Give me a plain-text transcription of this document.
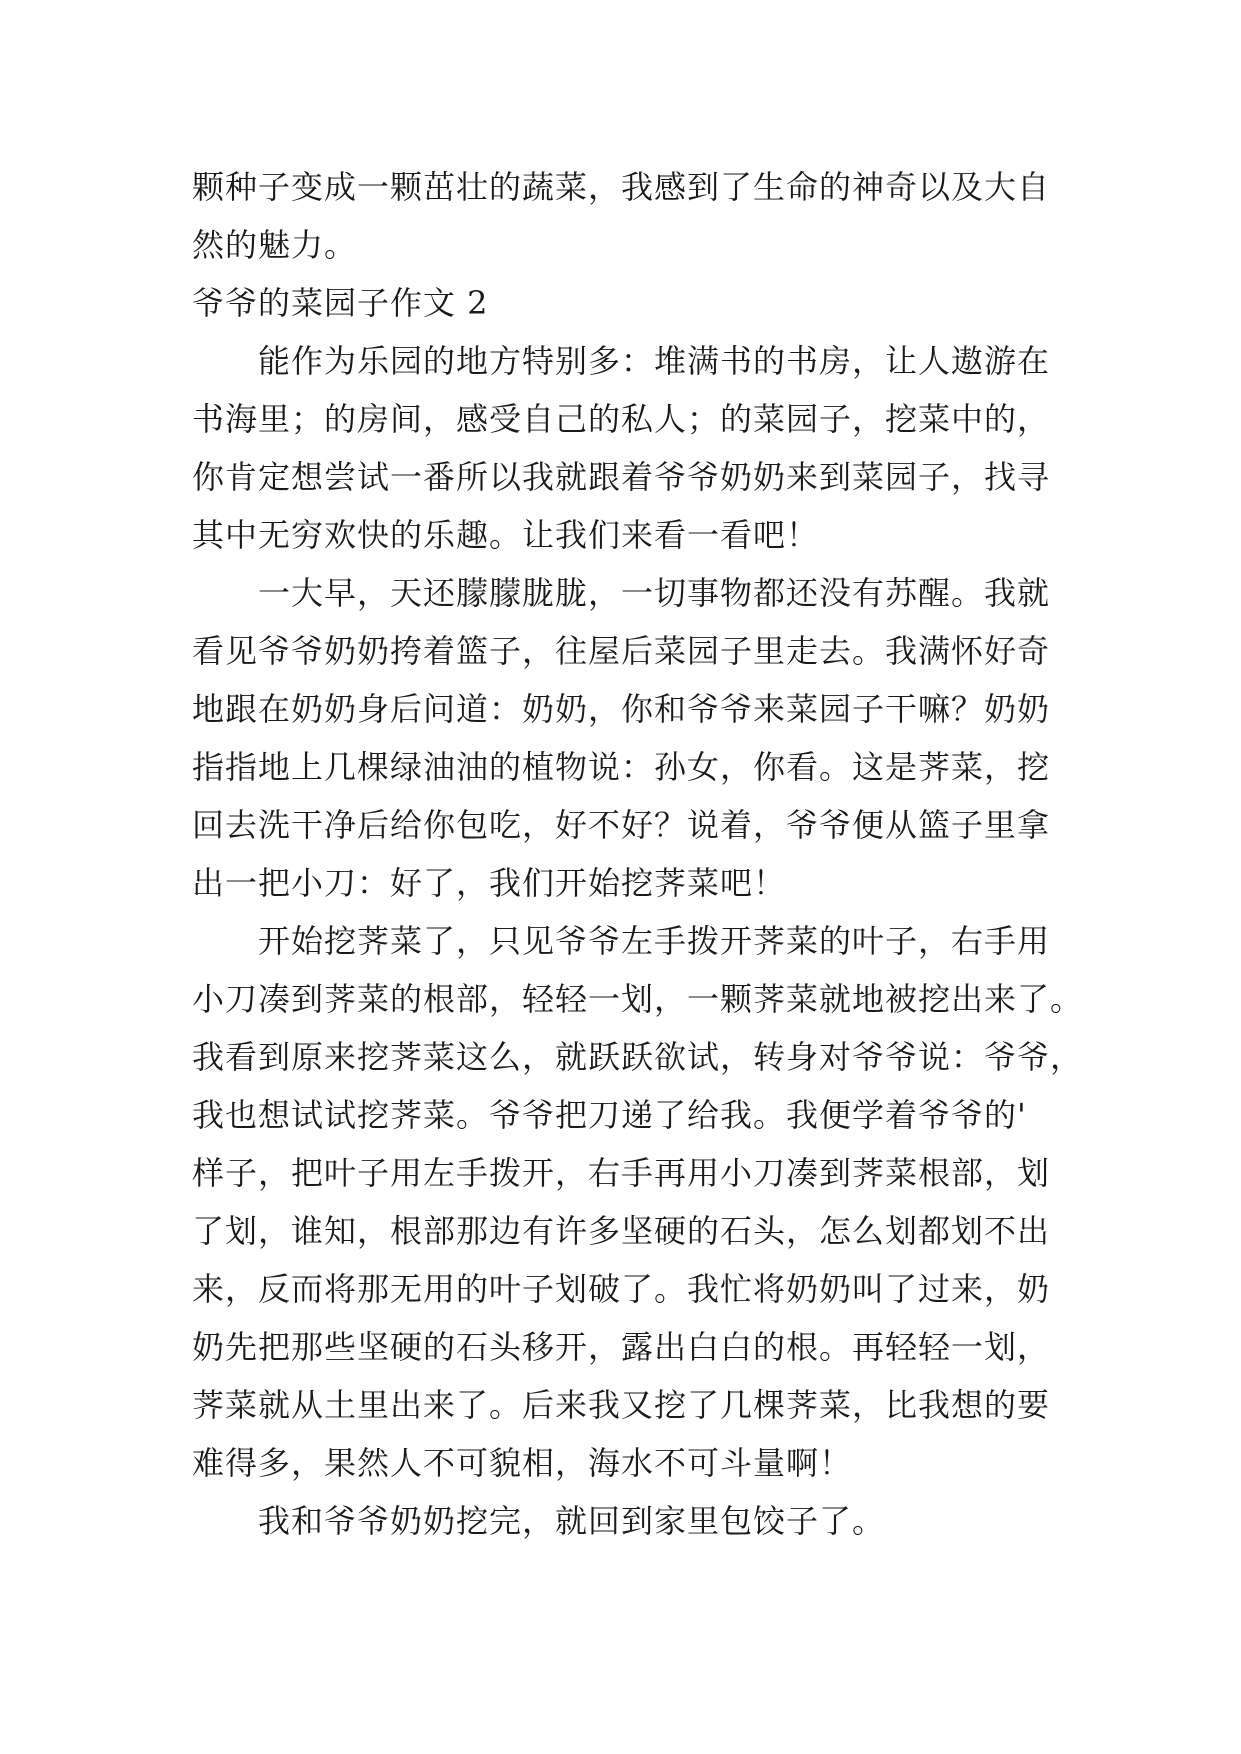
颗种子变成一颗茁壮的蔬菜，我感到了生命的神奇以及大自
然的魅力。
爷爷的菜园子作文 2
能作为乐园的地方特别多：堆满书的书房，让人遨游在
书海里；的房间，感受自己的私人；的菜园子，挖菜中的，
你肯定想尝试一番所以我就跟着爷爷奶奶来到菜园子，找寻
其中无穷欢快的乐趣。让我们来看一看吧！
一大早，天还朦朦胧胧，一切事物都还没有苏醒。我就
看见爷爷奶奶挎着篮子，往屋后菜园子里走去。我满怀好奇
地跟在奶奶身后问道：奶奶，你和爷爷来菜园子干嘛？奶奶
指指地上几棵绿油油的植物说：孙女，你看。这是荠菜，挖
回去洗干净后给你包吃，好不好？说着，爷爷便从篮子里拿
出一把小刀：好了，我们开始挖荠菜吧！
开始挖荠菜了，只见爷爷左手拨开荠菜的叶子，右手用
小刀凑到荠菜的根部，轻轻一划，一颗荠菜就地被挖出来了。
我看到原来挖荠菜这么，就跃跃欲试，转身对爷爷说：爷爷，
我也想试试挖荠菜。爷爷把刀递了给我。我便学着爷爷的'
样子，把叶子用左手拨开，右手再用小刀凑到荠菜根部，划
了划，谁知，根部那边有许多坚硬的石头，怎么划都划不出
来，反而将那无用的叶子划破了。我忙将奶奶叫了过来，奶
奶先把那些坚硬的石头移开，露出白白的根。再轻轻一划，
荠菜就从土里出来了。后来我又挖了几棵荠菜，比我想的要
难得多，果然人不可貌相，海水不可斗量啊！
我和爷爷奶奶挖完，就回到家里包饺子了。
